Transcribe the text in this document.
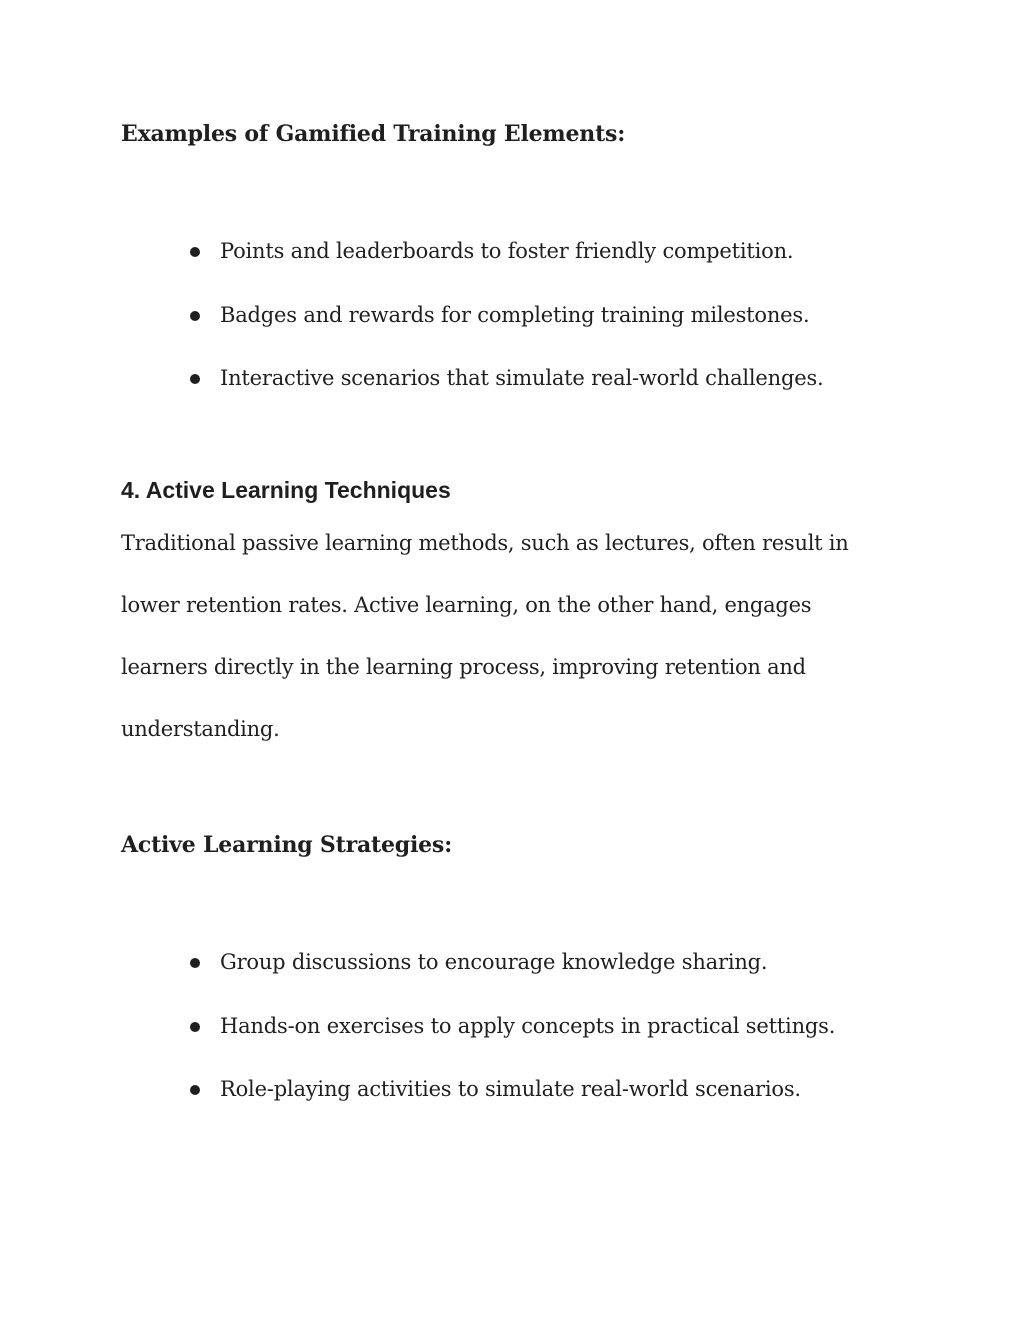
Examples of Gamified Training Elements:
Points and leaderboards to foster friendly competition.
Badges and rewards for completing training milestones.
Interactive scenarios that simulate real-world challenges.
4. Active Learning Techniques

Traditional passive learning methods, such as lectures, often result in
lower retention rates. Active learning, on the other hand, engages
learners directly in the learning process, improving retention and
understanding.

Active Learning Strategies:
Group discussions to encourage knowledge sharing.
Hands-on exercises to apply concepts in practical settings.
Role-playing activities to simulate real-world scenarios.
